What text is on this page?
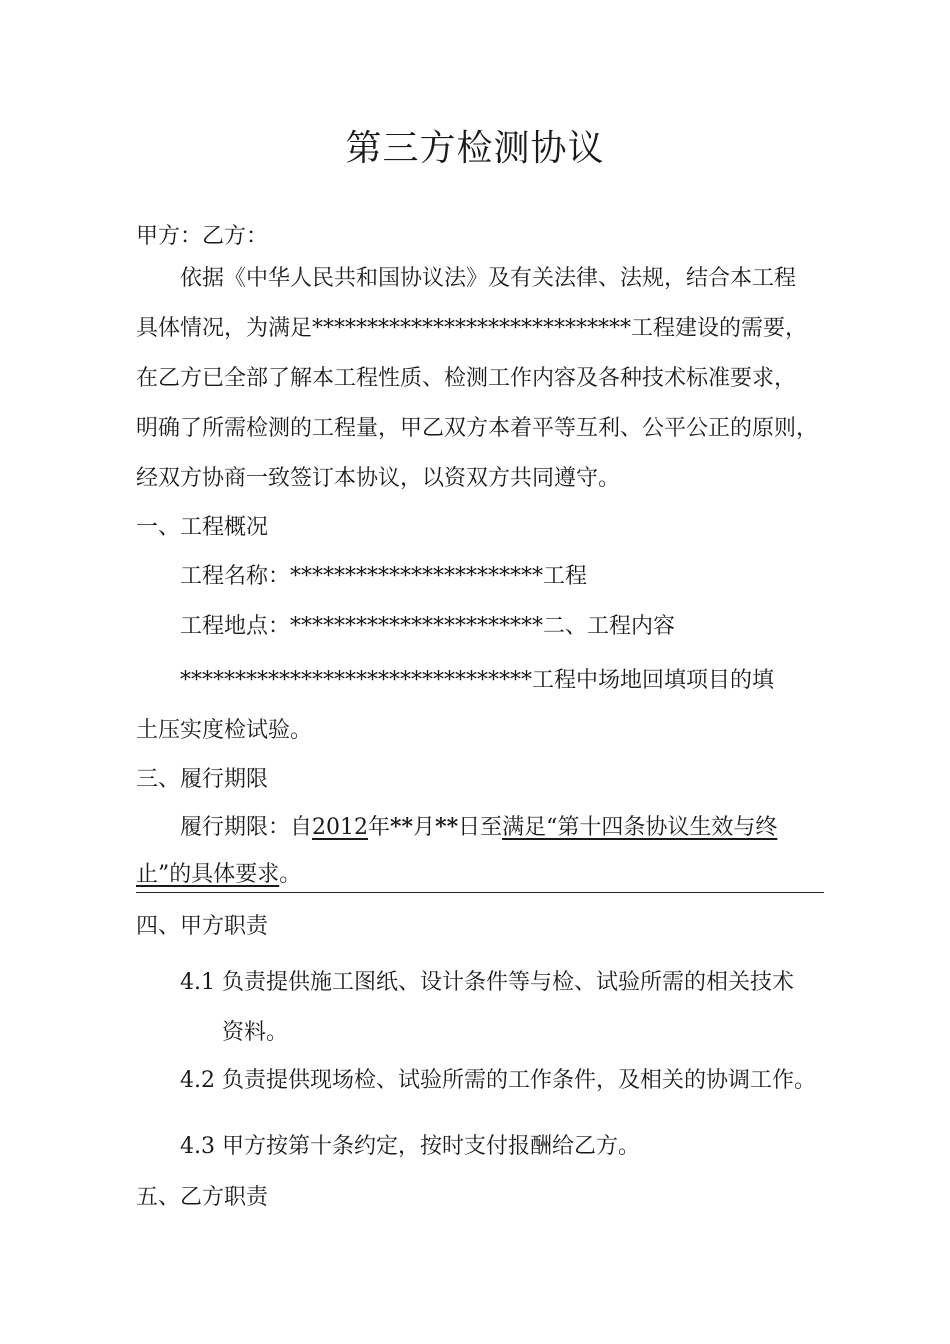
第三方检测协议
甲方：乙方：
依据《中华人民共和国协议法》及有关法律、法规，结合本工程
具体情况，为满足*****************************工程建设的需要，
在乙方已全部了解本工程性质、检测工作内容及各种技术标准要求，
明确了所需检测的工程量，甲乙双方本着平等互利、公平公正的原则，
经双方协商一致签订本协议，以资双方共同遵守。
一、工程概况
工程名称：***********************工程
工程地点：***********************二、工程内容
********************************工程中场地回填项目的填
土压实度检试验。
三、履行期限
履行期限：自2012年**月**日至满足“第十四条协议生效与终
止”的具体要求。
四、甲方职责
4.1 负责提供施工图纸、设计条件等与检、试验所需的相关技术
资料。
4.2 负责提供现场检、试验所需的工作条件，及相关的协调工作。
4.3 甲方按第十条约定，按时支付报酬给乙方。
五、乙方职责
